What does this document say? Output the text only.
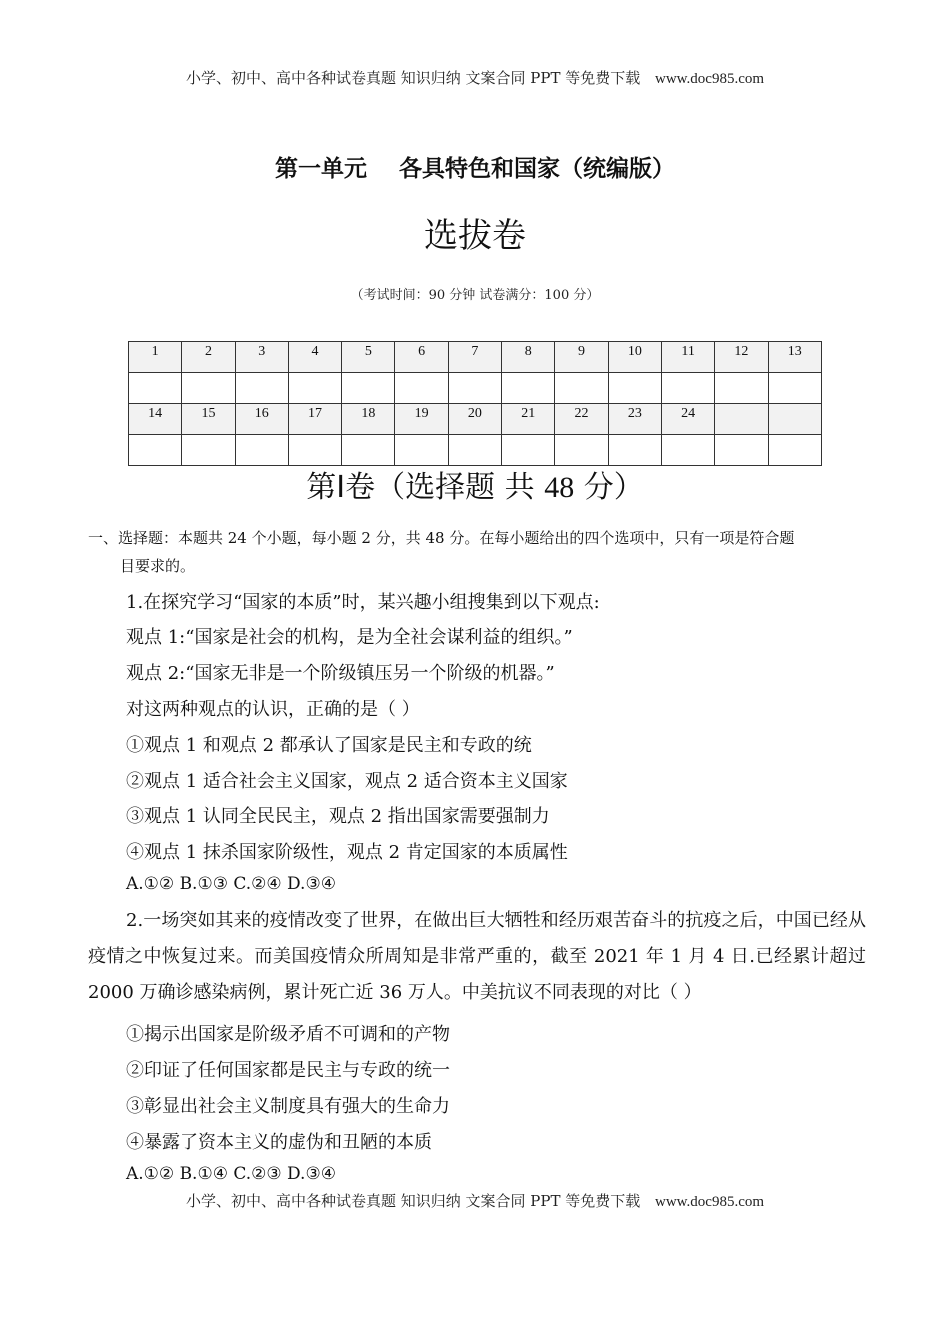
小学、初中、高中各种试卷真题 知识归纳 文案合同 PPT 等免费下载 www.doc985.com
第一单元    各具特色和国家（统编版）
选拔卷
（考试时间：90 分钟 试卷满分：100 分）
1	2	3	4	5	6	7	8	9	10	11	12	13

14	15	16	17	18	19	20	21	22	23	24		

第I卷（选择题 共 48 分）
一、选择题：本题共 24 个小题，每小题 2 分，共 48 分。在每小题给出的四个选项中，只有一项是符合题
目要求的。
1.在探究学习“国家的本质”时，某兴趣小组搜集到以下观点:
观点 1:“国家是社会的机构，是为全社会谋利益的组织。”
观点 2:“国家无非是一个阶级镇压另一个阶级的机器。”
对这两种观点的认识，正确的是（ ）
①观点 1 和观点 2 都承认了国家是民主和专政的统
②观点 1 适合社会主义国家，观点 2 适合资本主义国家
③观点 1 认同全民民主，观点 2 指出国家需要强制力
④观点 1 抹杀国家阶级性，观点 2 肯定国家的本质属性
A.①② B.①③ C.②④ D.③④
2.一场突如其来的疫情改变了世界，在做出巨大牺牲和经历艰苦奋斗的抗疫之后，中国已经从疫情之中恢复过来。而美国疫情众所周知是非常严重的，截至 2021 年 1 月 4 日.已经累计超过 2000 万确诊感染病例，累计死亡近 36 万人。中美抗议不同表现的对比（ ）
①揭示出国家是阶级矛盾不可调和的产物
②印证了任何国家都是民主与专政的统一
③彰显出社会主义制度具有强大的生命力
④暴露了资本主义的虚伪和丑陋的本质
A.①② B.①④ C.②③ D.③④
小学、初中、高中各种试卷真题 知识归纳 文案合同 PPT 等免费下载 www.doc985.com
